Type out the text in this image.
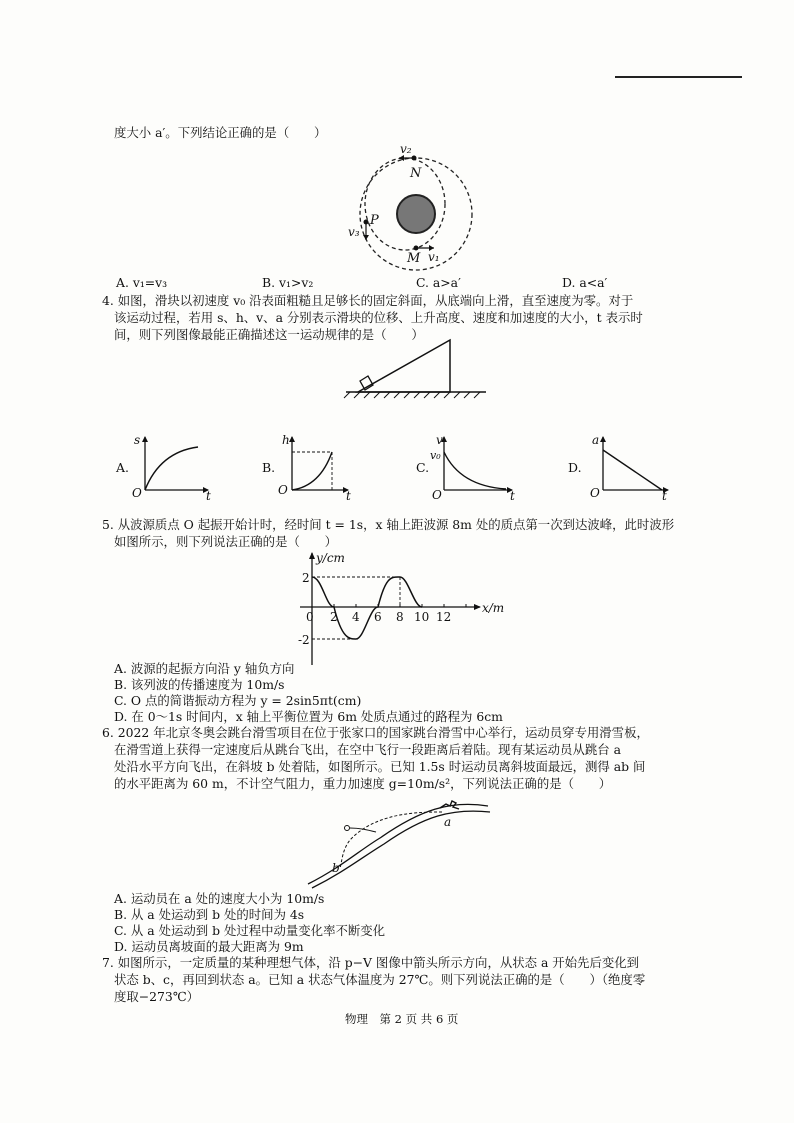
度大小 a′。下列结论正确的是（　　）
v₂
N
P
v₃
M v₁
A. v₁=v₃	B. v₁>v₂	C. a>a′	D. a<a′
4. 如图，滑块以初速度 v₀ 沿表面粗糙且足够长的固定斜面，从底端向上滑，直至速度为零。对于
该运动过程，若用 s、h、v、a 分别表示滑块的位移、上升高度、速度和加速度的大小，t 表示时
间，则下列图像最能正确描述这一运动规律的是（　　）
A.
s
O	t
B.
h
O	t
C.
v
v₀
O	t
D.
a
O	t
5. 从波源质点 O 起振开始计时，经时间 t = 1s，x 轴上距波源 8m 处的质点第一次到达波峰，此时波形
如图所示，则下列说法正确的是（　　）
y/cm
x/m
2
-2
0 2 4 6 8 10 12
A. 波源的起振方向沿 y 轴负方向
B. 该列波的传播速度为 10m/s
C. O 点的简谐振动方程为 y = 2sin5πt(cm)
D. 在 0～1s 时间内，x 轴上平衡位置为 6m 处质点通过的路程为 6cm
6. 2022 年北京冬奥会跳台滑雪项目在位于张家口的国家跳台滑雪中心举行，运动员穿专用滑雪板，
在滑雪道上获得一定速度后从跳台飞出，在空中飞行一段距离后着陆。现有某运动员从跳台 a
处沿水平方向飞出，在斜坡 b 处着陆，如图所示。已知 1.5s 时运动员离斜坡面最远，测得 ab 间
的水平距离为 60 m，不计空气阻力，重力加速度 g=10m/s²，下列说法正确的是（　　）
a
b
A. 运动员在 a 处的速度大小为 10m/s
B. 从 a 处运动到 b 处的时间为 4s
C. 从 a 处运动到 b 处过程中动量变化率不断变化
D. 运动员离坡面的最大距离为 9m
7. 如图所示，一定质量的某种理想气体，沿 p−V 图像中箭头所示方向，从状态 a 开始先后变化到
状态 b、c，再回到状态 a。已知 a 状态气体温度为 27℃。则下列说法正确的是（　　）（绝度零
度取−273℃）
物理　第 2 页 共 6 页
